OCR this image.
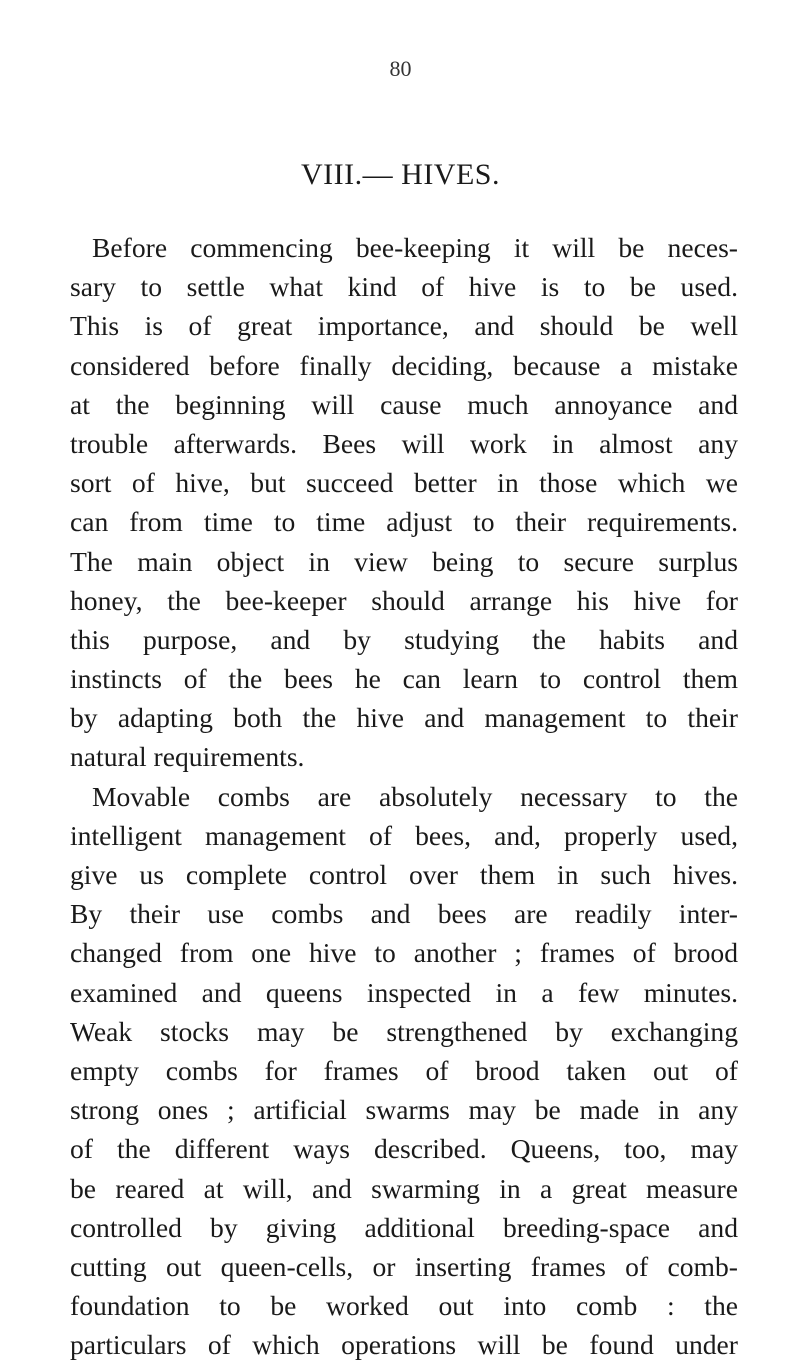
80
VIII.— HIVES.
Before commencing bee-keeping it will be neces-
sary to settle what kind of hive is to be used.
This is of great importance, and should be well
considered before finally deciding, because a mistake
at the beginning will cause much annoyance and
trouble afterwards. Bees will work in almost any
sort of hive, but succeed better in those which we
can from time to time adjust to their requirements.
The main object in view being to secure surplus
honey, the bee-keeper should arrange his hive for
this purpose, and by studying the habits and
instincts of the bees he can learn to control them
by adapting both the hive and management to their
natural requirements.
Movable combs are absolutely necessary to the
intelligent management of bees, and, properly used,
give us complete control over them in such hives.
By their use combs and bees are readily inter-
changed from one hive to another ; frames of brood
examined and queens inspected in a few minutes.
Weak stocks may be strengthened by exchanging
empty combs for frames of brood taken out of
strong ones ; artificial swarms may be made in any
of the different ways described. Queens, too, may
be reared at will, and swarming in a great measure
controlled by giving additional breeding-space and
cutting out queen-cells, or inserting frames of comb-
foundation to be worked out into comb : the
particulars of which operations will be found under
